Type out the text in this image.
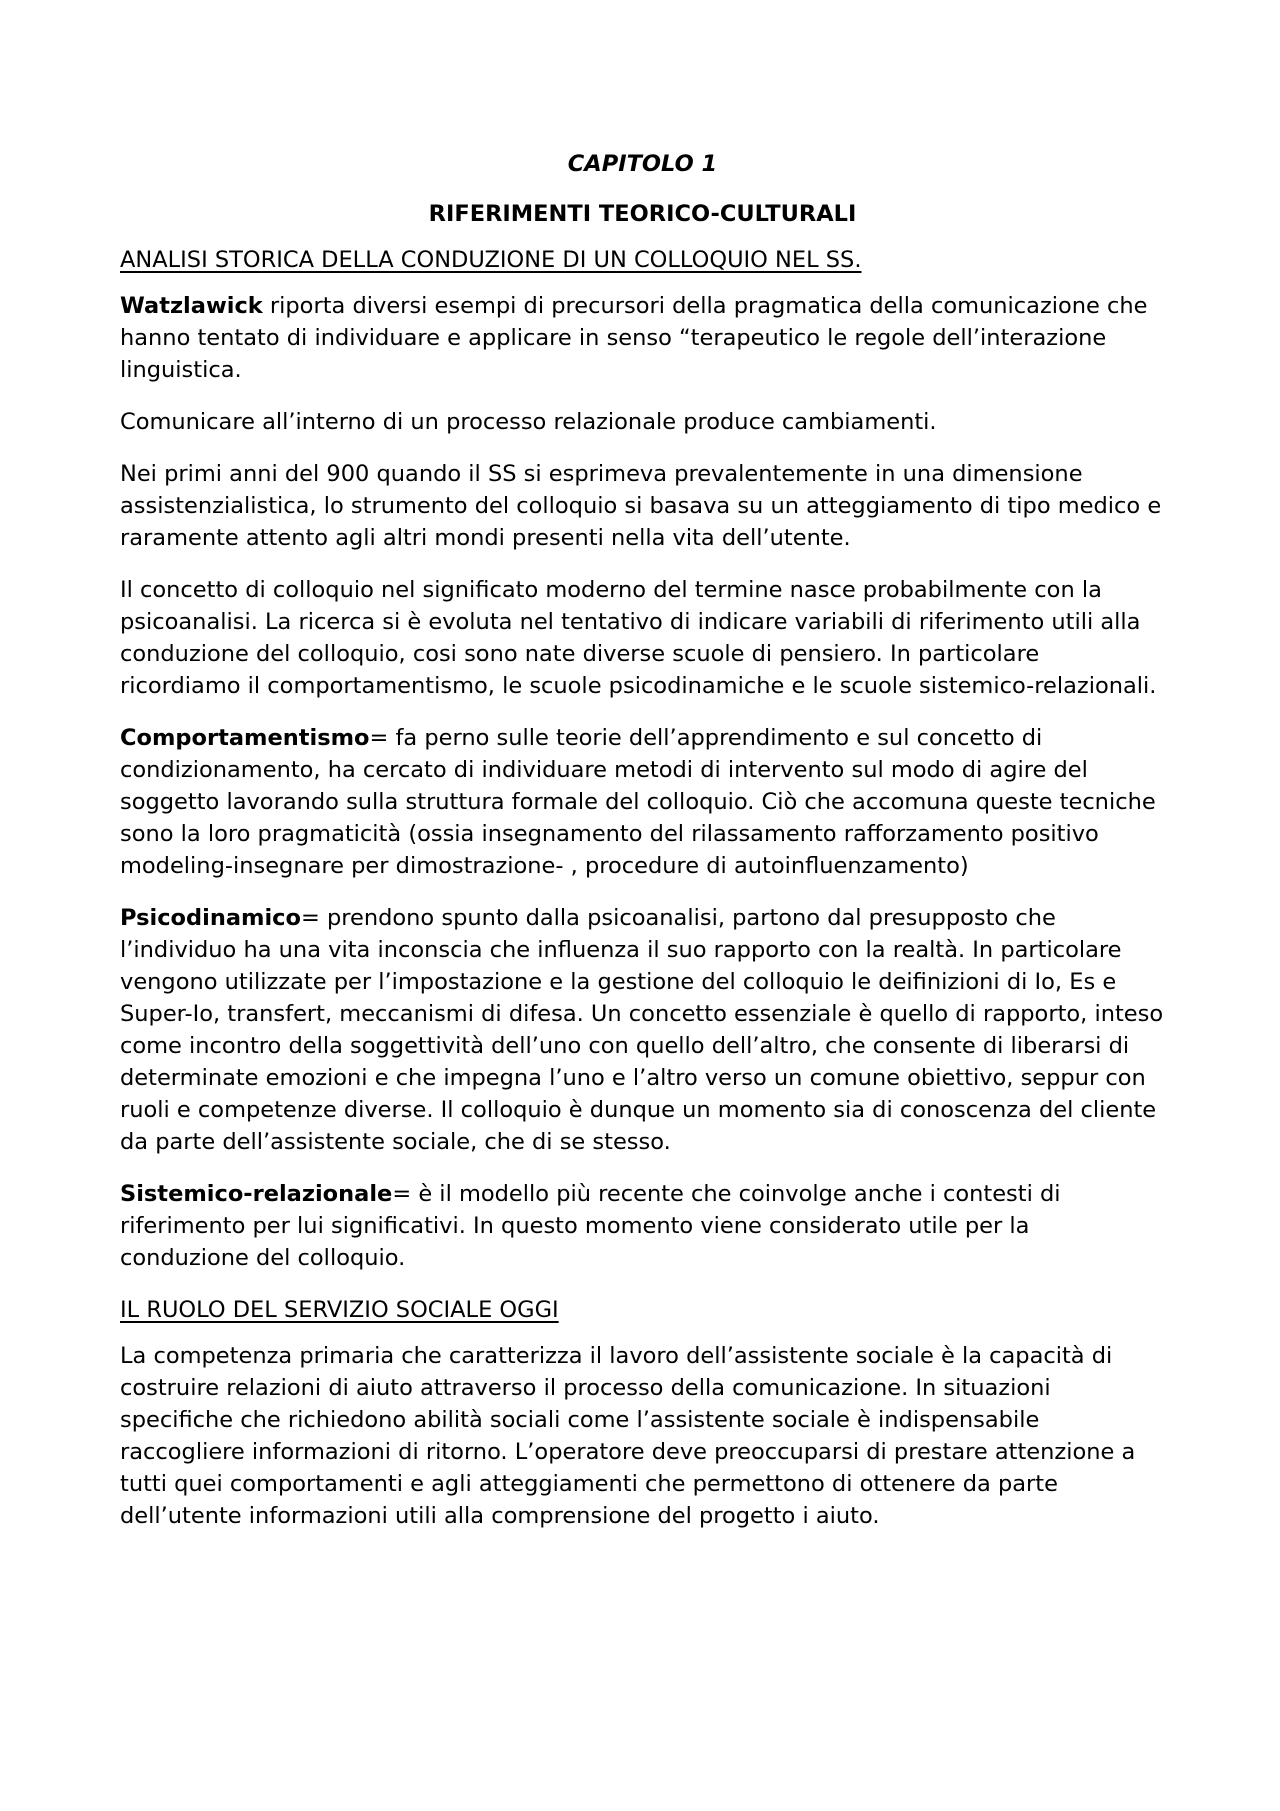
CAPITOLO 1
RIFERIMENTI TEORICO-CULTURALI
ANALISI STORICA DELLA CONDUZIONE DI UN COLLOQUIO NEL SS.

Watzlawick riporta diversi esempi di precursori della pragmatica della comunicazione che hanno tentato di individuare e applicare in senso “terapeutico le regole dell’interazione linguistica.

Comunicare all’interno di un processo relazionale produce cambiamenti.

Nei primi anni del 900 quando il SS si esprimeva prevalentemente in una dimensione assistenzialistica, lo strumento del colloquio si basava su un atteggiamento di tipo medico e raramente attento agli altri mondi presenti nella vita dell’utente.

Il concetto di colloquio nel significato moderno del termine nasce probabilmente con la psicoanalisi. La ricerca si è evoluta nel tentativo di indicare variabili di riferimento utili alla conduzione del colloquio, cosi sono nate diverse scuole di pensiero. In particolare ricordiamo il comportamentismo, le scuole psicodinamiche e le scuole sistemico-relazionali.

Comportamentismo= fa perno sulle teorie dell’apprendimento e sul concetto di condizionamento, ha cercato di individuare metodi di intervento sul modo di agire del soggetto lavorando sulla struttura formale del colloquio. Ciò che accomuna queste tecniche sono la loro pragmaticità (ossia insegnamento del rilassamento rafforzamento positivo modeling-insegnare per dimostrazione- , procedure di autoinfluenzamento)

Psicodinamico= prendono spunto dalla psicoanalisi, partono dal presupposto che l’individuo ha una vita inconscia che influenza il suo rapporto con la realtà. In particolare vengono utilizzate per l’impostazione e la gestione del colloquio le deifinizioni di Io, Es e Super-Io, transfert, meccanismi di difesa. Un concetto essenziale è quello di rapporto, inteso come incontro della soggettività dell’uno con quello dell’altro, che consente di liberarsi di determinate emozioni e che impegna l’uno e l’altro verso un comune obiettivo, seppur con ruoli e competenze diverse. Il colloquio è dunque un momento sia di conoscenza del cliente da parte dell’assistente sociale, che di se stesso.

Sistemico-relazionale= è il modello più recente che coinvolge anche i contesti di riferimento per lui significativi. In questo momento viene considerato utile per la conduzione del colloquio.

IL RUOLO DEL SERVIZIO SOCIALE OGGI

La competenza primaria che caratterizza il lavoro dell’assistente sociale è la capacità di costruire relazioni di aiuto attraverso il processo della comunicazione. In situazioni specifiche che richiedono abilità sociali come l’assistente sociale è indispensabile raccogliere informazioni di ritorno. L’operatore deve preoccuparsi di prestare attenzione a tutti quei comportamenti e agli atteggiamenti che permettono di ottenere da parte dell’utente informazioni utili alla comprensione del progetto i aiuto.
